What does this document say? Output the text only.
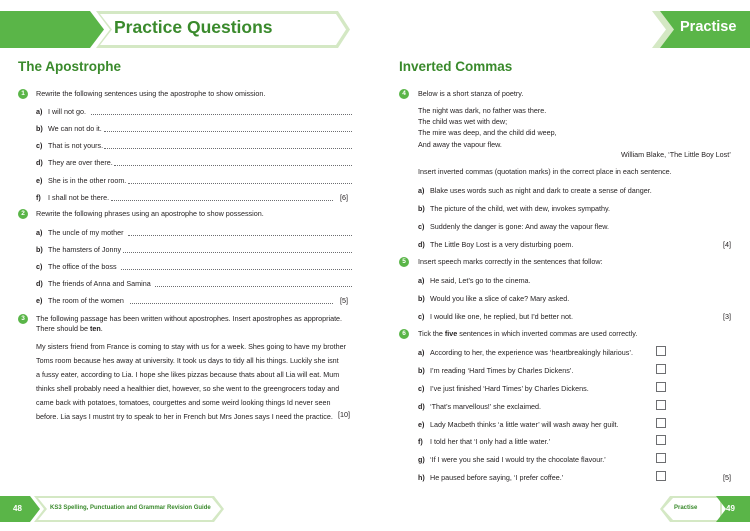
Practice Questions	Practise
The Apostrophe
1	Rewrite the following sentences using the apostrophe to show omission.
a) I will not go.
b) We can not do it.
c) That is not yours.
d) They are over there.
e) She is in the other room.
f) I shall not be there.	[6]
2	Rewrite the following phrases using an apostrophe to show possession.
a) The uncle of my mother
b) The hamsters of Jonny
c) The office of the boss
d) The friends of Anna and Samina
e) The room of the women	[5]
3	The following passage has been written without apostrophes. Insert apostrophes as appropriate.
There should be ten.
My sisters friend from France is coming to stay with us for a week. Shes going to have my brother
Toms room because hes away at university. It took us days to tidy all his things. Luckily she isnt
a fussy eater, according to Lia. I hope she likes pizzas because thats about all Lia will eat. Mum
thinks shell probably need a healthier diet, however, so she went to the greengrocers today and
came back with potatoes, tomatoes, courgettes and some weird looking things Id never seen
before. Lia says I mustnt try to speak to her in French but Mrs Jones says I need the practice. [10]
Inverted Commas
4	Below is a short stanza of poetry.
The night was dark, no father was there.
The child was wet with dew;
The mire was deep, and the child did weep,
And away the vapour flew.
William Blake, ‘The Little Boy Lost’
Insert inverted commas (quotation marks) in the correct place in each sentence.
a) Blake uses words such as night and dark to create a sense of danger.
b) The picture of the child, wet with dew, invokes sympathy.
c) Suddenly the danger is gone: And away the vapour flew.
d) The Little Boy Lost is a very disturbing poem.	[4]
5	Insert speech marks correctly in the sentences that follow:
a) He said, Let’s go to the cinema.
b) Would you like a slice of cake? Mary asked.
c) I would like one, he replied, but I’d better not.	[3]
6	Tick the five sentences in which inverted commas are used correctly.
a) According to her, the experience was ‘heartbreakingly hilarious’.
b) I’m reading ‘Hard Times by Charles Dickens’.
c) I’ve just finished ‘Hard Times’ by Charles Dickens.
d) ‘That’s marvellous!’ she exclaimed.
e) Lady Macbeth thinks ‘a little water’ will wash away her guilt.
f) I told her that ‘I only had a little water.’
g) ‘If I were you she said I would try the chocolate flavour.’
h) He paused before saying, ‘I prefer coffee.’	[5]
48	KS3 Spelling, Punctuation and Grammar Revision Guide	Practise	49
